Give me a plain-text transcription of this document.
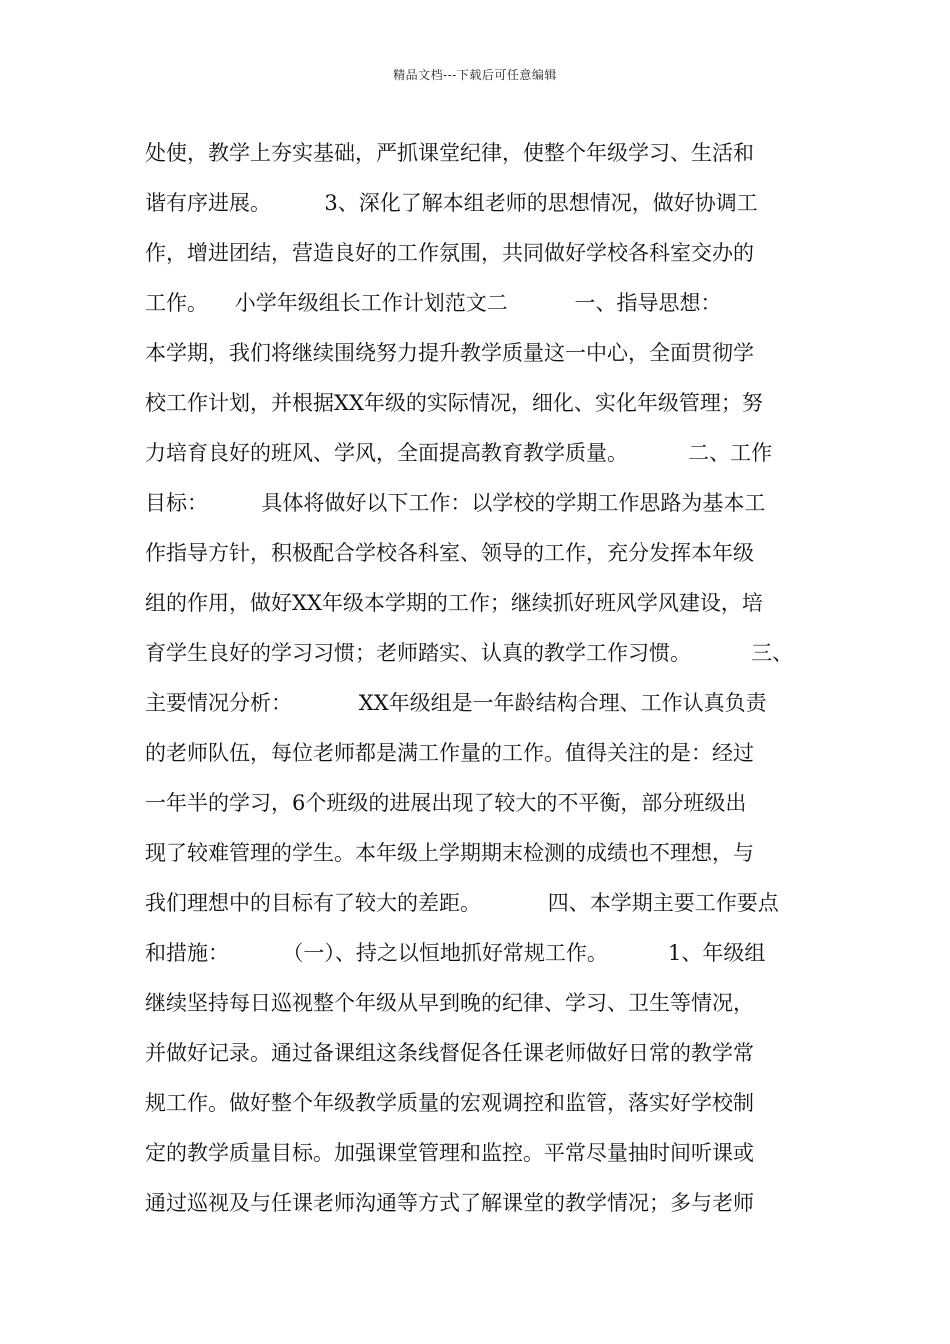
精品文档---下载后可任意编辑
处使，教学上夯实基础，严抓课堂纪律，使整个年级学习、生活和
谐有序进展。        3、深化了解本组老师的思想情况，做好协调工
作，增进团结，营造良好的工作氛围，共同做好学校各科室交办的
工作。    小学年级组长工作计划范文二          一、指导思想：
本学期，我们将继续围绕努力提升教学质量这一中心，全面贯彻学
校工作计划，并根据XX年级的实际情况，细化、实化年级管理；努
力培育良好的班风、学风，全面提高教育教学质量。         二、工作
目标：        具体将做好以下工作：以学校的学期工作思路为基本工
作指导方针，积极配合学校各科室、领导的工作，充分发挥本年级
组的作用，做好XX年级本学期的工作；继续抓好班风学风建设，培
育学生良好的学习习惯；老师踏实、认真的教学工作习惯。         三、
主要情况分析：          XX年级组是一年龄结构合理、工作认真负责
的老师队伍，每位老师都是满工作量的工作。值得关注的是：经过
一年半的学习，6个班级的进展出现了较大的不平衡，部分班级出
现了较难管理的学生。本年级上学期期末检测的成绩也不理想，与
我们理想中的目标有了较大的差距。          四、本学期主要工作要点
和措施：        （一）、持之以恒地抓好常规工作。         1、年级组
继续坚持每日巡视整个年级从早到晚的纪律、学习、卫生等情况，
并做好记录。通过备课组这条线督促各任课老师做好日常的教学常
规工作。做好整个年级教学质量的宏观调控和监管，落实好学校制
定的教学质量目标。加强课堂管理和监控。平常尽量抽时间听课或
通过巡视及与任课老师沟通等方式了解课堂的教学情况；多与老师
